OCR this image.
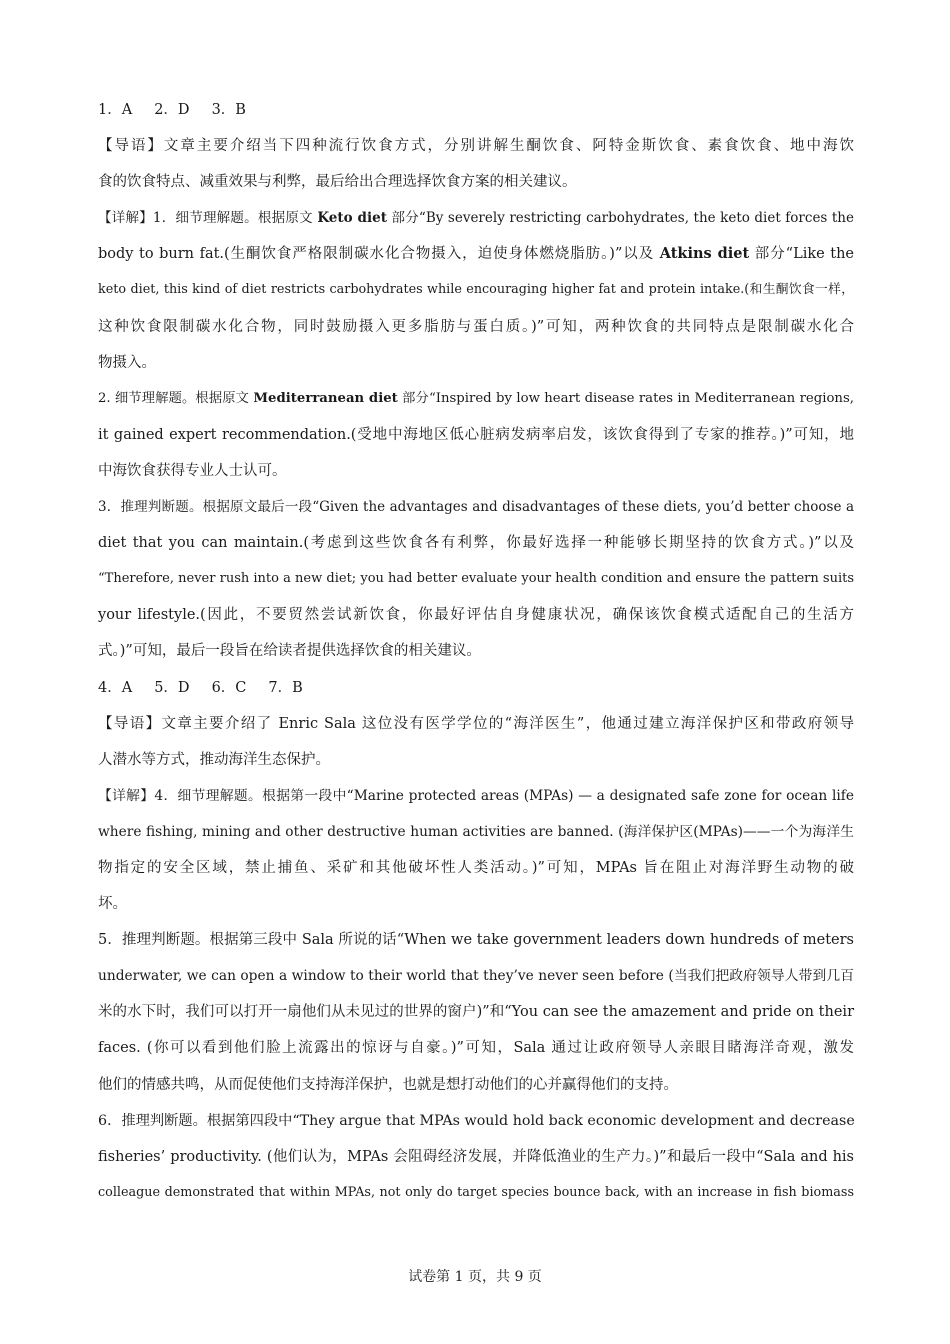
1．A 2．D 3．B
【导语】文章主要介绍当下四种流行饮食方式，分别讲解生酮饮食、阿特金斯饮食、素食饮食、地中海饮
食的饮食特点、减重效果与利弊，最后给出合理选择饮食方案的相关建议。
【详解】1．细节理解题。根据原文 Keto diet 部分“By severely restricting carbohydrates, the keto diet forces the
body to burn fat.(生酮饮食严格限制碳水化合物摄入，迫使身体燃烧脂肪。)”以及 Atkins diet 部分“Like the
keto diet, this kind of diet restricts carbohydrates while encouraging higher fat and protein intake.(和生酮饮食一样，
这种饮食限制碳水化合物，同时鼓励摄入更多脂肪与蛋白质。)”可知，两种饮食的共同特点是限制碳水化合
物摄入。
2. 细节理解题。根据原文 Mediterranean diet 部分“Inspired by low heart disease rates in Mediterranean regions,
it gained expert recommendation.(受地中海地区低心脏病发病率启发，该饮食得到了专家的推荐。)”可知，地
中海饮食获得专业人士认可。
3．推理判断题。根据原文最后一段“Given the advantages and disadvantages of these diets, you’d better choose a
diet that you can maintain.(考虑到这些饮食各有利弊，你最好选择一种能够长期坚持的饮食方式。)”以及
“Therefore, never rush into a new diet; you had better evaluate your health condition and ensure the pattern suits
your lifestyle.(因此，不要贸然尝试新饮食，你最好评估自身健康状况，确保该饮食模式适配自己的生活方
式。)”可知，最后一段旨在给读者提供选择饮食的相关建议。
4．A 5．D 6．C 7．B
【导语】文章主要介绍了 Enric Sala 这位没有医学学位的“海洋医生”，他通过建立海洋保护区和带政府领导
人潜水等方式，推动海洋生态保护。
【详解】4．细节理解题。根据第一段中“Marine protected areas (MPAs) — a designated safe zone for ocean life
where fishing, mining and other destructive human activities are banned. (海洋保护区(MPAs)——一个为海洋生
物指定的安全区域，禁止捕鱼、采矿和其他破坏性人类活动。)”可知，MPAs 旨在阻止对海洋野生动物的破
坏。
5．推理判断题。根据第三段中 Sala 所说的话“When we take government leaders down hundreds of meters
underwater, we can open a window to their world that they’ve never seen before (当我们把政府领导人带到几百
米的水下时，我们可以打开一扇他们从未见过的世界的窗户)”和“You can see the amazement and pride on their
faces. (你可以看到他们脸上流露出的惊讶与自豪。)”可知，Sala 通过让政府领导人亲眼目睹海洋奇观，激发
他们的情感共鸣，从而促使他们支持海洋保护，也就是想打动他们的心并赢得他们的支持。
6．推理判断题。根据第四段中“They argue that MPAs would hold back economic development and decrease
fisheries’ productivity. (他们认为，MPAs 会阻碍经济发展，并降低渔业的生产力。)”和最后一段中“Sala and his
colleague demonstrated that within MPAs, not only do target species bounce back, with an increase in fish biomass
试卷第 1 页，共 9 页
